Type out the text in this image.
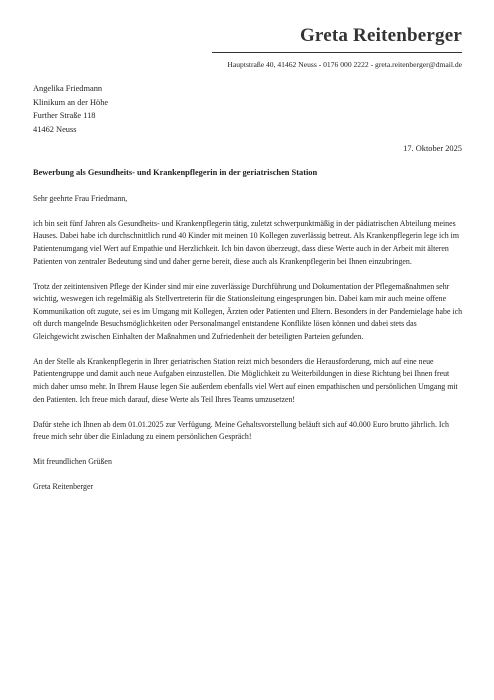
Greta Reitenberger
Hauptstraße 40, 41462 Neuss - 0176 000 2222 - greta.reitenberger@dmail.de
Angelika Friedmann
Klinikum an der Höhe
Further Straße 118
41462 Neuss
17. Oktober 2025
Bewerbung als Gesundheits- und Krankenpflegerin in der geriatrischen Station

Sehr geehrte Frau Friedmann,

ich bin seit fünf Jahren als Gesundheits- und Krankenpflegerin tätig, zuletzt schwerpunktmäßig in der pädiatrischen Abteilung meines Hauses. Dabei habe ich durchschnittlich rund 40 Kinder mit meinen 10 Kollegen zuverlässig betreut. Als Krankenpflegerin lege ich im Patientenumgang viel Wert auf Empathie und Herzlichkeit. Ich bin davon überzeugt, dass diese Werte auch in der Arbeit mit älteren Patienten von zentraler Bedeutung sind und daher gerne bereit, diese auch als Krankenpflegerin bei Ihnen einzubringen.

Trotz der zeitintensiven Pflege der Kinder sind mir eine zuverlässige Durchführung und Dokumentation der Pflegemaßnahmen sehr wichtig, weswegen ich regelmäßig als Stellvertreterin für die Stationsleitung eingesprungen bin. Dabei kam mir auch meine offene Kommunikation oft zugute, sei es im Umgang mit Kollegen, Ärzten oder Patienten und Eltern. Besonders in der Pandemielage habe ich oft durch mangelnde Besuchsmöglichkeiten oder Personalmangel entstandene Konflikte lösen können und dabei stets das Gleichgewicht zwischen Einhalten der Maßnahmen und Zufriedenheit der beteiligten Parteien gefunden.

An der Stelle als Krankenpflegerin in Ihrer geriatrischen Station reizt mich besonders die Herausforderung, mich auf eine neue Patientengruppe und damit auch neue Aufgaben einzustellen. Die Möglichkeit zu Weiterbildungen in diese Richtung bei Ihnen freut mich daher umso mehr. In Ihrem Hause legen Sie außerdem ebenfalls viel Wert auf einen empathischen und persönlichen Umgang mit den Patienten. Ich freue mich darauf, diese Werte als Teil Ihres Teams umzusetzen!

Dafür stehe ich Ihnen ab dem 01.01.2025 zur Verfügung. Meine Gehaltsvorstellung beläuft sich auf 40.000 Euro brutto jährlich. Ich freue mich sehr über die Einladung zu einem persönlichen Gespräch!

Mit freundlichen Grüßen

Greta Reitenberger
